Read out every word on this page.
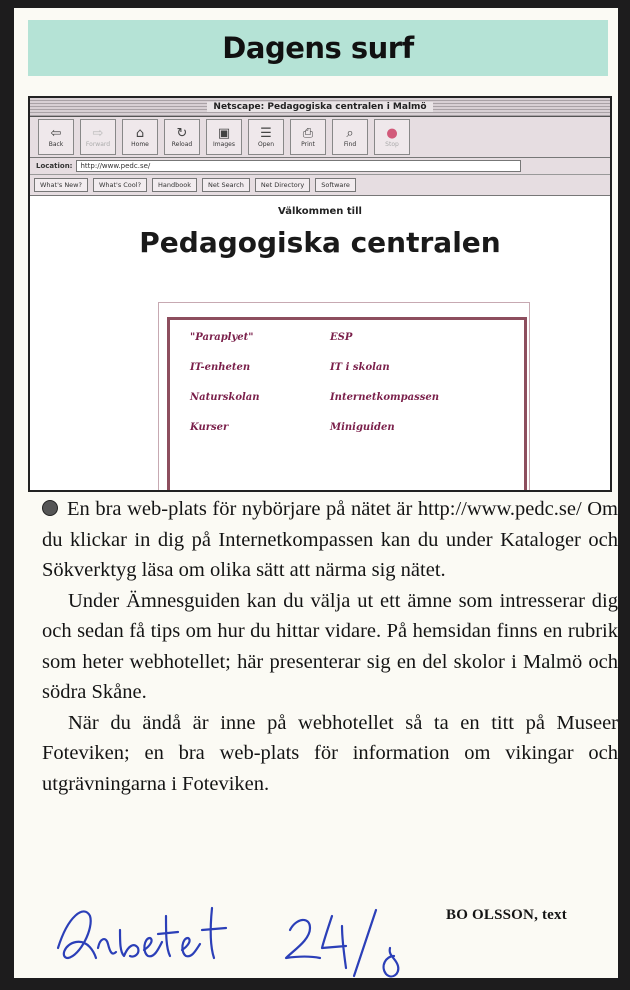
Dagens surf
Netscape: Pedagogiska centralen i Malmö
⇦
Back
⇨
Forward
⌂
Home
↻
Reload
▣
Images
☰
Open
⎙
Print
⌕
Find
●
Stop
Location:	http://www.pedc.se/
What's New?	What's Cool?	Handbook	Net Search	Net Directory	Software
Välkommen till
Pedagogiska centralen
"Paraplyet"	ESP
IT-enheten	IT i skolan
Naturskolan	Internetkompassen
Kurser	Miniguiden

En bra web-plats för nybörjare på nätet är http://www.pedc.se/ Om du klickar in dig på Internetkompassen kan du under Kataloger och Sökverktyg läsa om olika sätt att närma sig nätet.

Under Ämnesguiden kan du välja ut ett ämne som intresserar dig och sedan få tips om hur du hittar vidare. På hemsidan finns en rubrik som heter webhotellet; här presenterar sig en del skolor i Malmö och södra Skåne.

När du ändå är inne på webhotellet så ta en titt på Museer Foteviken; en bra web-plats för information om vikingar och utgrävningarna i Foteviken.

BO OLSSON, text
